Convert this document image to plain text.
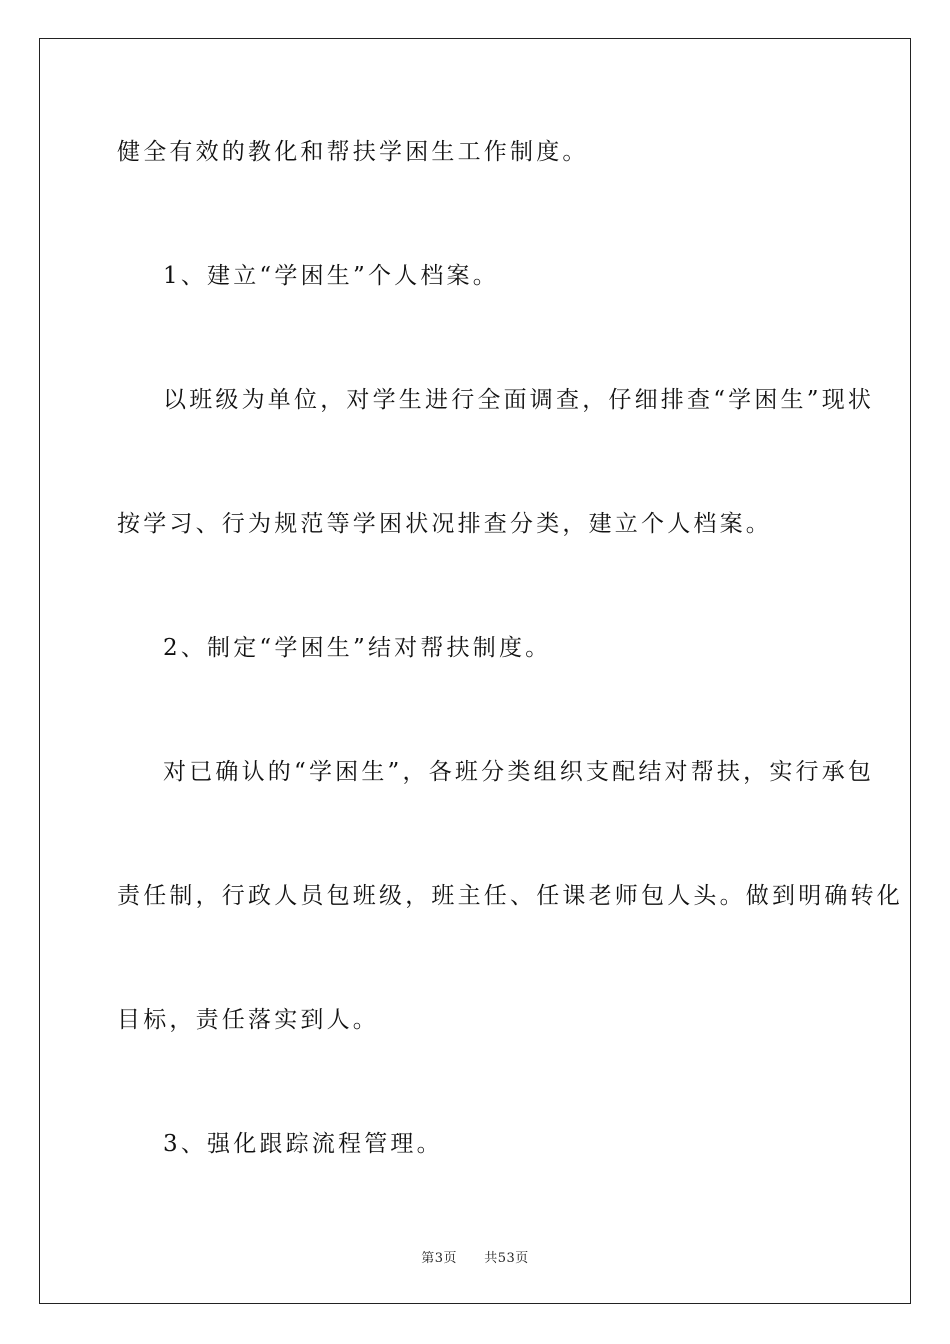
健全有效的教化和帮扶学困生工作制度。
1、建立“学困生”个人档案。
以班级为单位，对学生进行全面调查，仔细排查“学困生”现状
按学习、行为规范等学困状况排查分类，建立个人档案。
2、制定“学困生”结对帮扶制度。
对已确认的“学困生”，各班分类组织支配结对帮扶，实行承包
责任制，行政人员包班级，班主任、任课老师包人头。做到明确转化
目标，责任落实到人。
3、强化跟踪流程管理。
第3页 共53页
